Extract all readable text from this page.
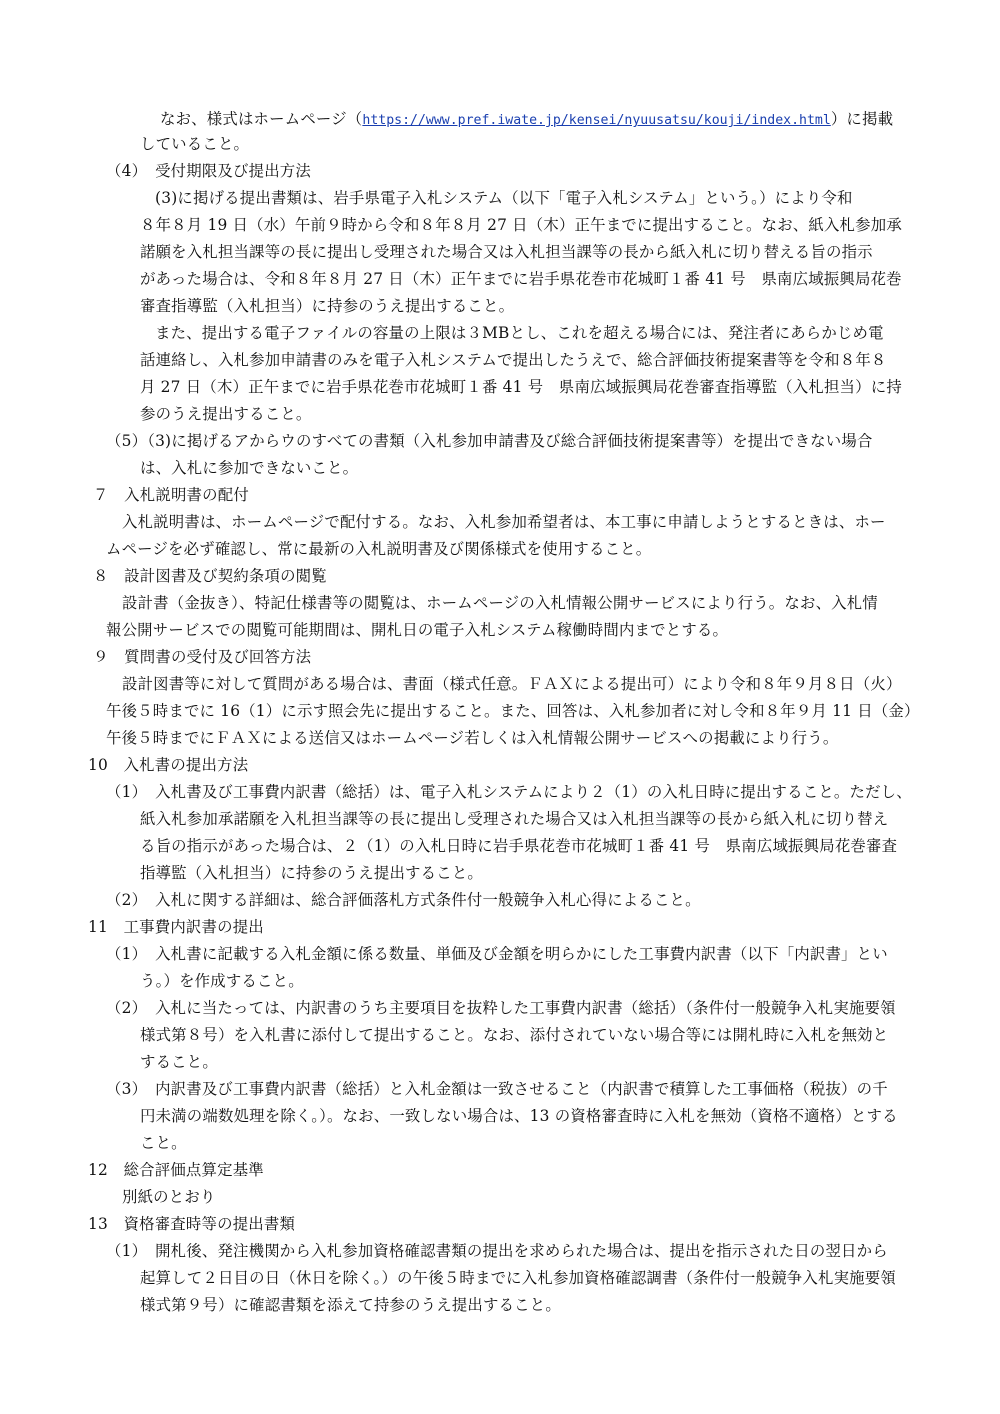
なお、様式はホームページ（https://www.pref.iwate.jp/kensei/nyuusatsu/kouji/index.html）に掲載
していること。
（4）　受付期限及び提出方法
(3)に掲げる提出書類は、岩手県電子入札システム（以下「電子入札システム」という。）により令和
８年８月 19 日（水）午前９時から令和８年８月 27 日（木）正午までに提出すること。なお、紙入札参加承
諾願を入札担当課等の長に提出し受理された場合又は入札担当課等の長から紙入札に切り替える旨の指示
があった場合は、令和８年８月 27 日（木）正午までに岩手県花巻市花城町１番 41 号　県南広域振興局花巻
審査指導監（入札担当）に持参のうえ提出すること。
また、提出する電子ファイルの容量の上限は３MBとし、これを超える場合には、発注者にあらかじめ電
話連絡し、入札参加申請書のみを電子入札システムで提出したうえで、総合評価技術提案書等を令和８年８
月 27 日（木）正午までに岩手県花巻市花城町１番 41 号　県南広域振興局花巻審査指導監（入札担当）に持
参のうえ提出すること。
（5）（3)に掲げるアからウのすべての書類（入札参加申請書及び総合評価技術提案書等）を提出できない場合
は、入札に参加できないこと。
７　入札説明書の配付
入札説明書は、ホームページで配付する。なお、入札参加希望者は、本工事に申請しようとするときは、ホー
ムページを必ず確認し、常に最新の入札説明書及び関係様式を使用すること。
８　設計図書及び契約条項の閲覧
設計書（金抜き）、特記仕様書等の閲覧は、ホームページの入札情報公開サービスにより行う。なお、入札情
報公開サービスでの閲覧可能期間は、開札日の電子入札システム稼働時間内までとする。
９　質問書の受付及び回答方法
設計図書等に対して質問がある場合は、書面（様式任意。ＦＡＸによる提出可）により令和８年９月８日（火）
午後５時までに 16（1）に示す照会先に提出すること。また、回答は、入札参加者に対し令和８年９月 11 日（金）
午後５時までにＦＡＸによる送信又はホームページ若しくは入札情報公開サービスへの掲載により行う。
10　入札書の提出方法
（1）　入札書及び工事費内訳書（総括）は、電子入札システムにより２（1）の入札日時に提出すること。ただし、
紙入札参加承諾願を入札担当課等の長に提出し受理された場合又は入札担当課等の長から紙入札に切り替え
る旨の指示があった場合は、２（1）の入札日時に岩手県花巻市花城町１番 41 号　県南広域振興局花巻審査
指導監（入札担当）に持参のうえ提出すること。
（2）　入札に関する詳細は、総合評価落札方式条件付一般競争入札心得によること。
11　工事費内訳書の提出
（1）　入札書に記載する入札金額に係る数量、単価及び金額を明らかにした工事費内訳書（以下「内訳書」とい
う。）を作成すること。
（2）　入札に当たっては、内訳書のうち主要項目を抜粋した工事費内訳書（総括）（条件付一般競争入札実施要領
様式第８号）を入札書に添付して提出すること。なお、添付されていない場合等には開札時に入札を無効と
すること。
（3）　内訳書及び工事費内訳書（総括）と入札金額は一致させること（内訳書で積算した工事価格（税抜）の千
円未満の端数処理を除く。）。なお、一致しない場合は、13 の資格審査時に入札を無効（資格不適格）とする
こと。
12　総合評価点算定基準
別紙のとおり
13　資格審査時等の提出書類
（1）　開札後、発注機関から入札参加資格確認書類の提出を求められた場合は、提出を指示された日の翌日から
起算して２日目の日（休日を除く。）の午後５時までに入札参加資格確認調書（条件付一般競争入札実施要領
様式第９号）に確認書類を添えて持参のうえ提出すること。
